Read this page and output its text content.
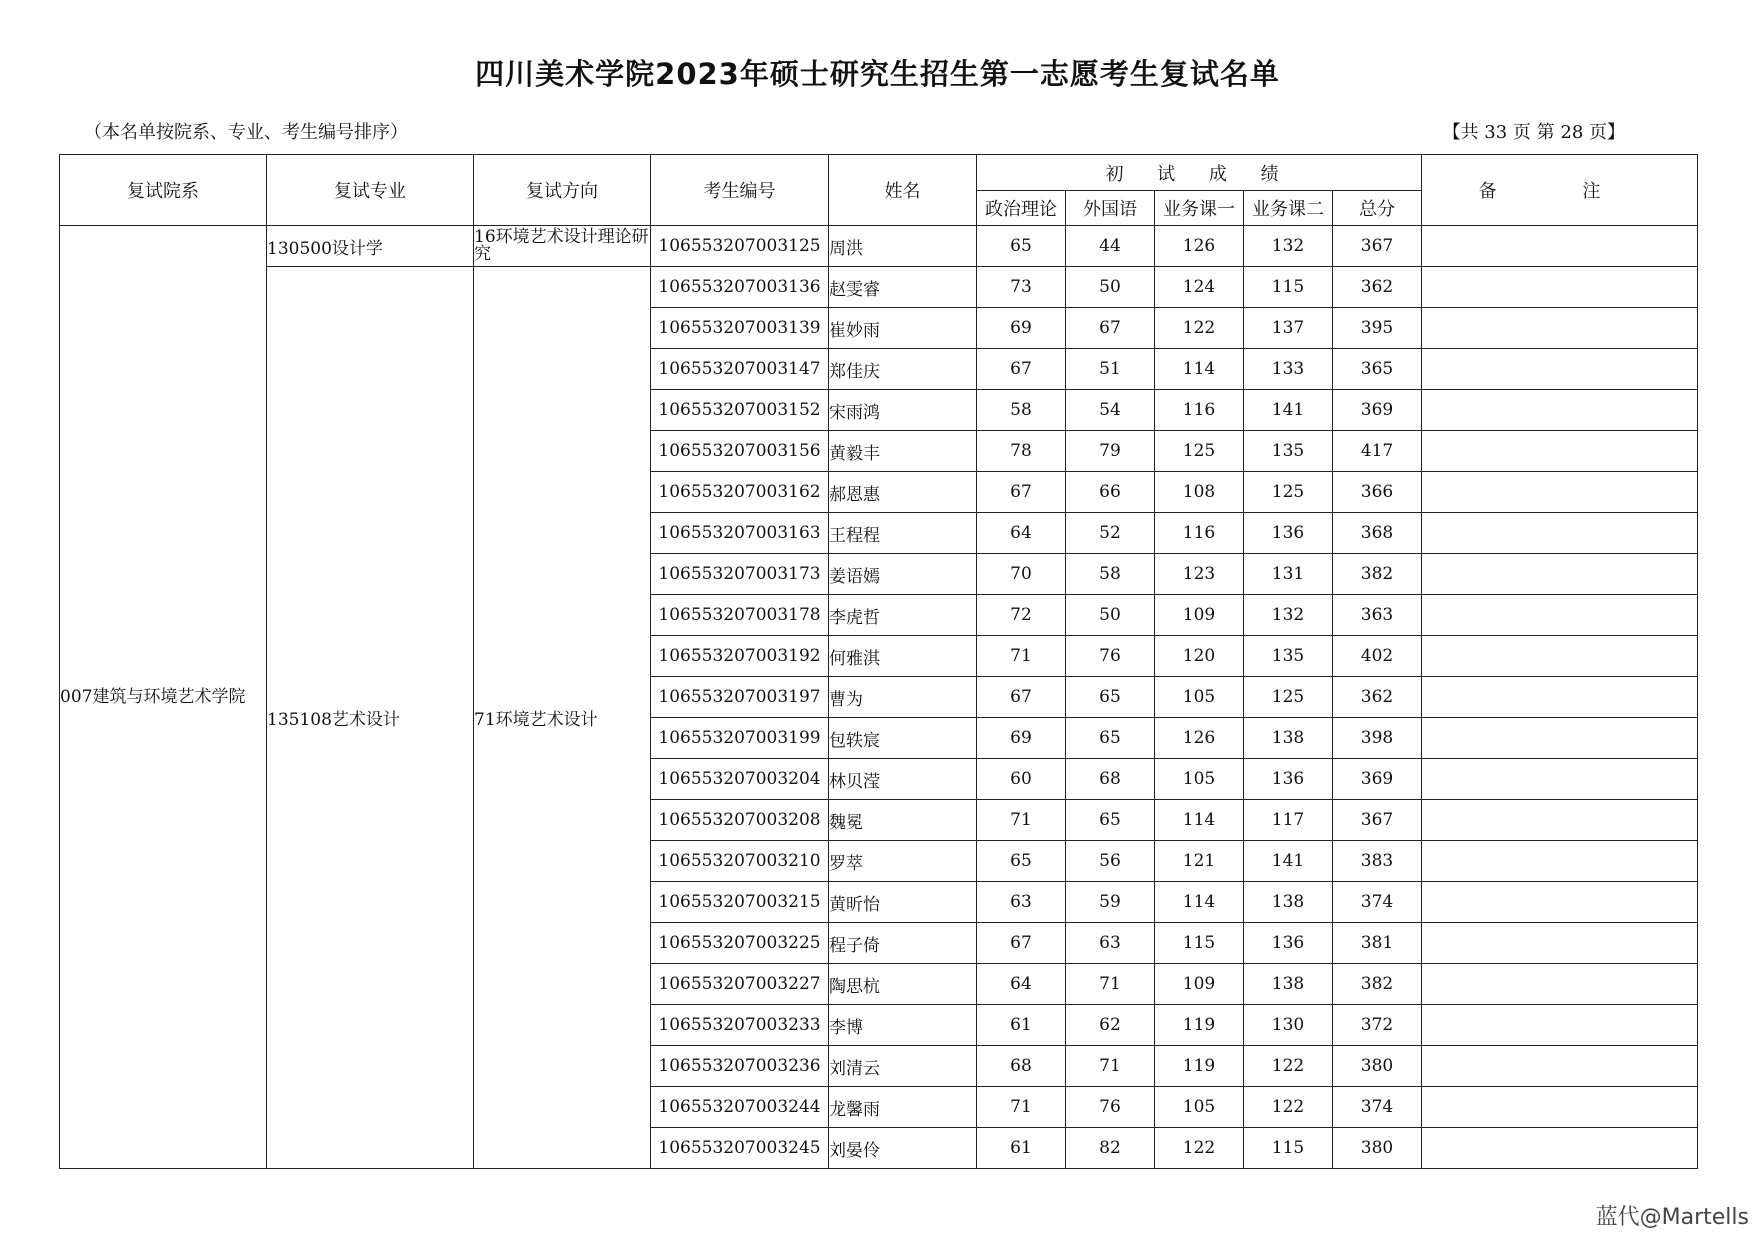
四川美术学院2023年硕士研究生招生第一志愿考生复试名单
（本名单按院系、专业、考生编号排序）	【共 33 页 第 28 页】
复试院系	复试专业	复试方向	考生编号	姓名	初 试 成 绩					备 注
					政治理论	外国语	业务课一	业务课二	总分	
007建筑与环境艺术学院	130500设计学	16环境艺术设计理论研究	106553207003125	周洪	65	44	126	132	367	
	135108艺术设计	71环境艺术设计	106553207003136	赵雯睿	73	50	124	115	362	
			106553207003139	崔妙雨	69	67	122	137	395	
			106553207003147	郑佳庆	67	51	114	133	365	
			106553207003152	宋雨鸿	58	54	116	141	369	
			106553207003156	黄毅丰	78	79	125	135	417	
			106553207003162	郝恩惠	67	66	108	125	366	
			106553207003163	王程程	64	52	116	136	368	
			106553207003173	姜语嫣	70	58	123	131	382	
			106553207003178	李虎哲	72	50	109	132	363	
			106553207003192	何雅淇	71	76	120	135	402	
			106553207003197	曹为	67	65	105	125	362	
			106553207003199	包轶宸	69	65	126	138	398	
			106553207003204	林贝滢	60	68	105	136	369	
			106553207003208	魏冕	71	65	114	117	367	
			106553207003210	罗萃	65	56	121	141	383	
			106553207003215	黄昕怡	63	59	114	138	374	
			106553207003225	程子倚	67	63	115	136	381	
			106553207003227	陶思杭	64	71	109	138	382	
			106553207003233	李博	61	62	119	130	372	
			106553207003236	刘清云	68	71	119	122	380	
			106553207003244	龙馨雨	71	76	105	122	374	
			106553207003245	刘晏伶	61	82	122	115	380	
蓝代@Martells
